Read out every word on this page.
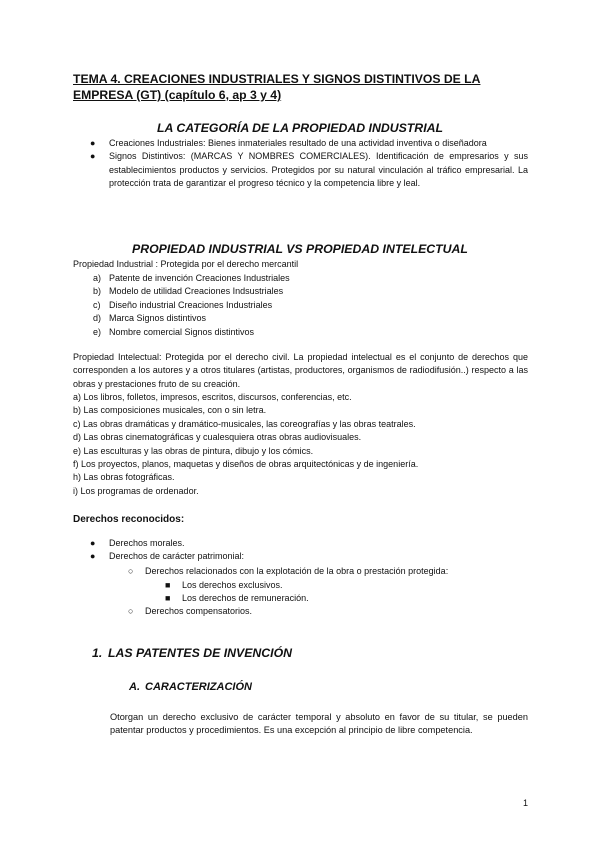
TEMA 4. CREACIONES INDUSTRIALES Y SIGNOS DISTINTIVOS DE LA EMPRESA (GT) (capítulo 6, ap 3 y 4)
LA CATEGORÍA DE LA PROPIEDAD INDUSTRIAL
● Creaciones Industriales: Bienes inmateriales resultado de una actividad inventiva o diseñadora
● Signos Distintivos: (MARCAS Y NOMBRES COMERCIALES). Identificación de empresarios y sus establecimientos productos y servicios. Protegidos por su natural vinculación al tráfico empresarial. La protección trata de garantizar el progreso técnico y la competencia libre y leal.
PROPIEDAD INDUSTRIAL VS PROPIEDAD INTELECTUAL
Propiedad Industrial : Protegida por el derecho mercantil
a) Patente de invención Creaciones Industriales
b) Modelo de utilidad Creaciones Indsustriales
c) Diseño industrial Creaciones Industriales
d) Marca Signos distintivos
e) Nombre comercial Signos distintivos
Propiedad Intelectual: Protegida por el derecho civil. La propiedad intelectual es el conjunto de derechos que corresponden a los autores y a otros titulares (artistas, productores, organismos de radiodifusión..) respecto a las obras y prestaciones fruto de su creación.
a) Los libros, folletos, impresos, escritos, discursos, conferencias, etc.
b) Las composiciones musicales, con o sin letra.
c) Las obras dramáticas y dramático-musicales, las coreografías y las obras teatrales.
d) Las obras cinematográficas y cualesquiera otras obras audiovisuales.
e) Las esculturas y las obras de pintura, dibujo y los cómics.
f) Los proyectos, planos, maquetas y diseños de obras arquitectónicas y de ingeniería.
h) Las obras fotográficas.
i) Los programas de ordenador.
Derechos reconocidos:
● Derechos morales.
● Derechos de carácter patrimonial:
○ Derechos relacionados con la explotación de la obra o prestación protegida:
■ Los derechos exclusivos.
■ Los derechos de remuneración.
○ Derechos compensatorios.
1. LAS PATENTES DE INVENCIÓN
A. CARACTERIZACIÓN
Otorgan un derecho exclusivo de carácter temporal y absoluto en favor de su titular, se pueden patentar productos y procedimientos. Es una excepción al principio de libre competencia.
1
